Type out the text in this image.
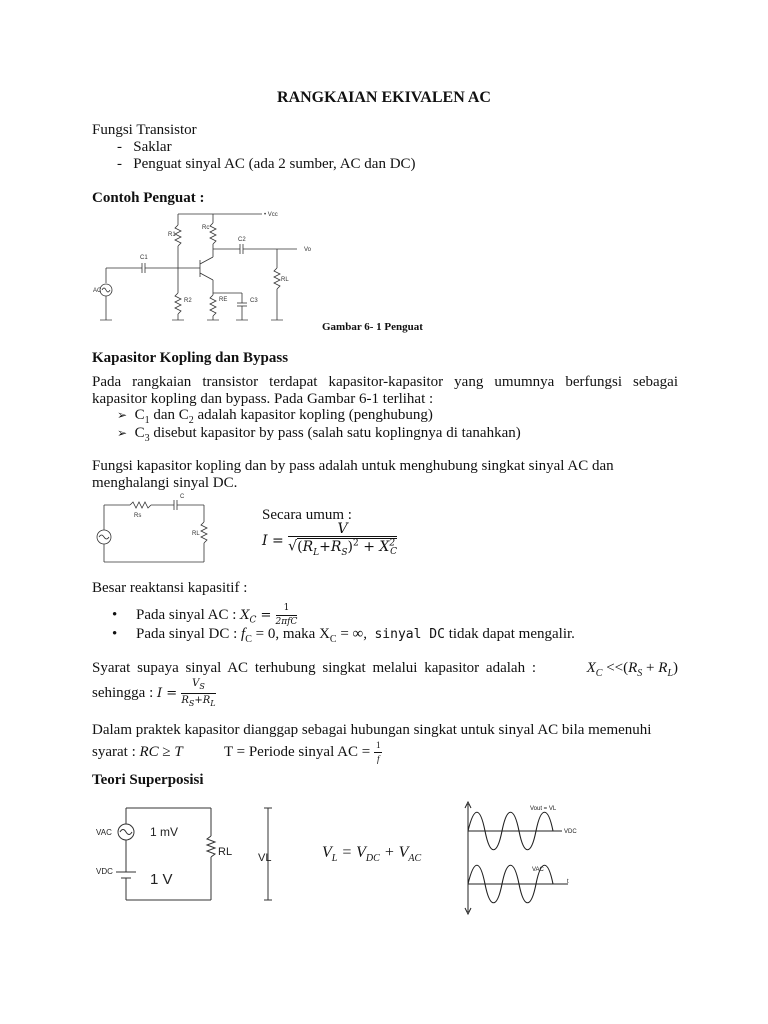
RANGKAIAN EKIVALEN AC
Fungsi Transistor
-   Saklar
-   Penguat sinyal AC (ada 2 sumber, AC dan DC)
Contoh Penguat :
• Vcc
Vo
Rc
R1
R2
C1
C2
C3
RE
RL
AC
Gambar 6- 1 Penguat
Kapasitor Kopling dan Bypass
Pada rangkaian transistor terdapat kapasitor-kapasitor yang umumnya berfungsi sebagai kapasitor kopling dan bypass. Pada Gambar 6-1 terlihat :
➢ $C_1$ dan $C_2$ adalah kapasitor kopling (penghubung)
➢ $C_3$ disebut kapasitor by pass (salah satu koplingnya di tanahkan)
Fungsi kapasitor kopling dan by pass adalah untuk menghubung singkat sinyal AC dan menghalangi sinyal DC.
C
Rs
RL
Secara umum :
$I = \frac{V}{√(R_L+R_S)^2 + X^2_C}$
Besar reaktansi kapasitif :
•     Pada sinyal AC : $X_C = \frac{1}{\text{2πfC}}$
•     Pada sinyal DC : $f_C = 0$, maka $X_C$ = ∞, sinyal DC tidak dapat mengalir.
Syarat supaya sinyal AC terhubung singkat melalui kapasitor adalah :	$X_C <<(R_S + R_L)$
sehingga : $I = \frac{V_S}{R_S+R_L}$
Dalam praktek kapasitor dianggap sebagai hubungan singkat untuk sinyal AC bila memenuhi
syarat : RC ≥ T	T = Periode sinyal AC = $\frac{1}{f}$
Teori Superposisi
VAC	1 mV
VDC 1 V
RL VL	$V_L = V_{DC} + V_{AC}$
Vout = VL
VDC
VAC
t
